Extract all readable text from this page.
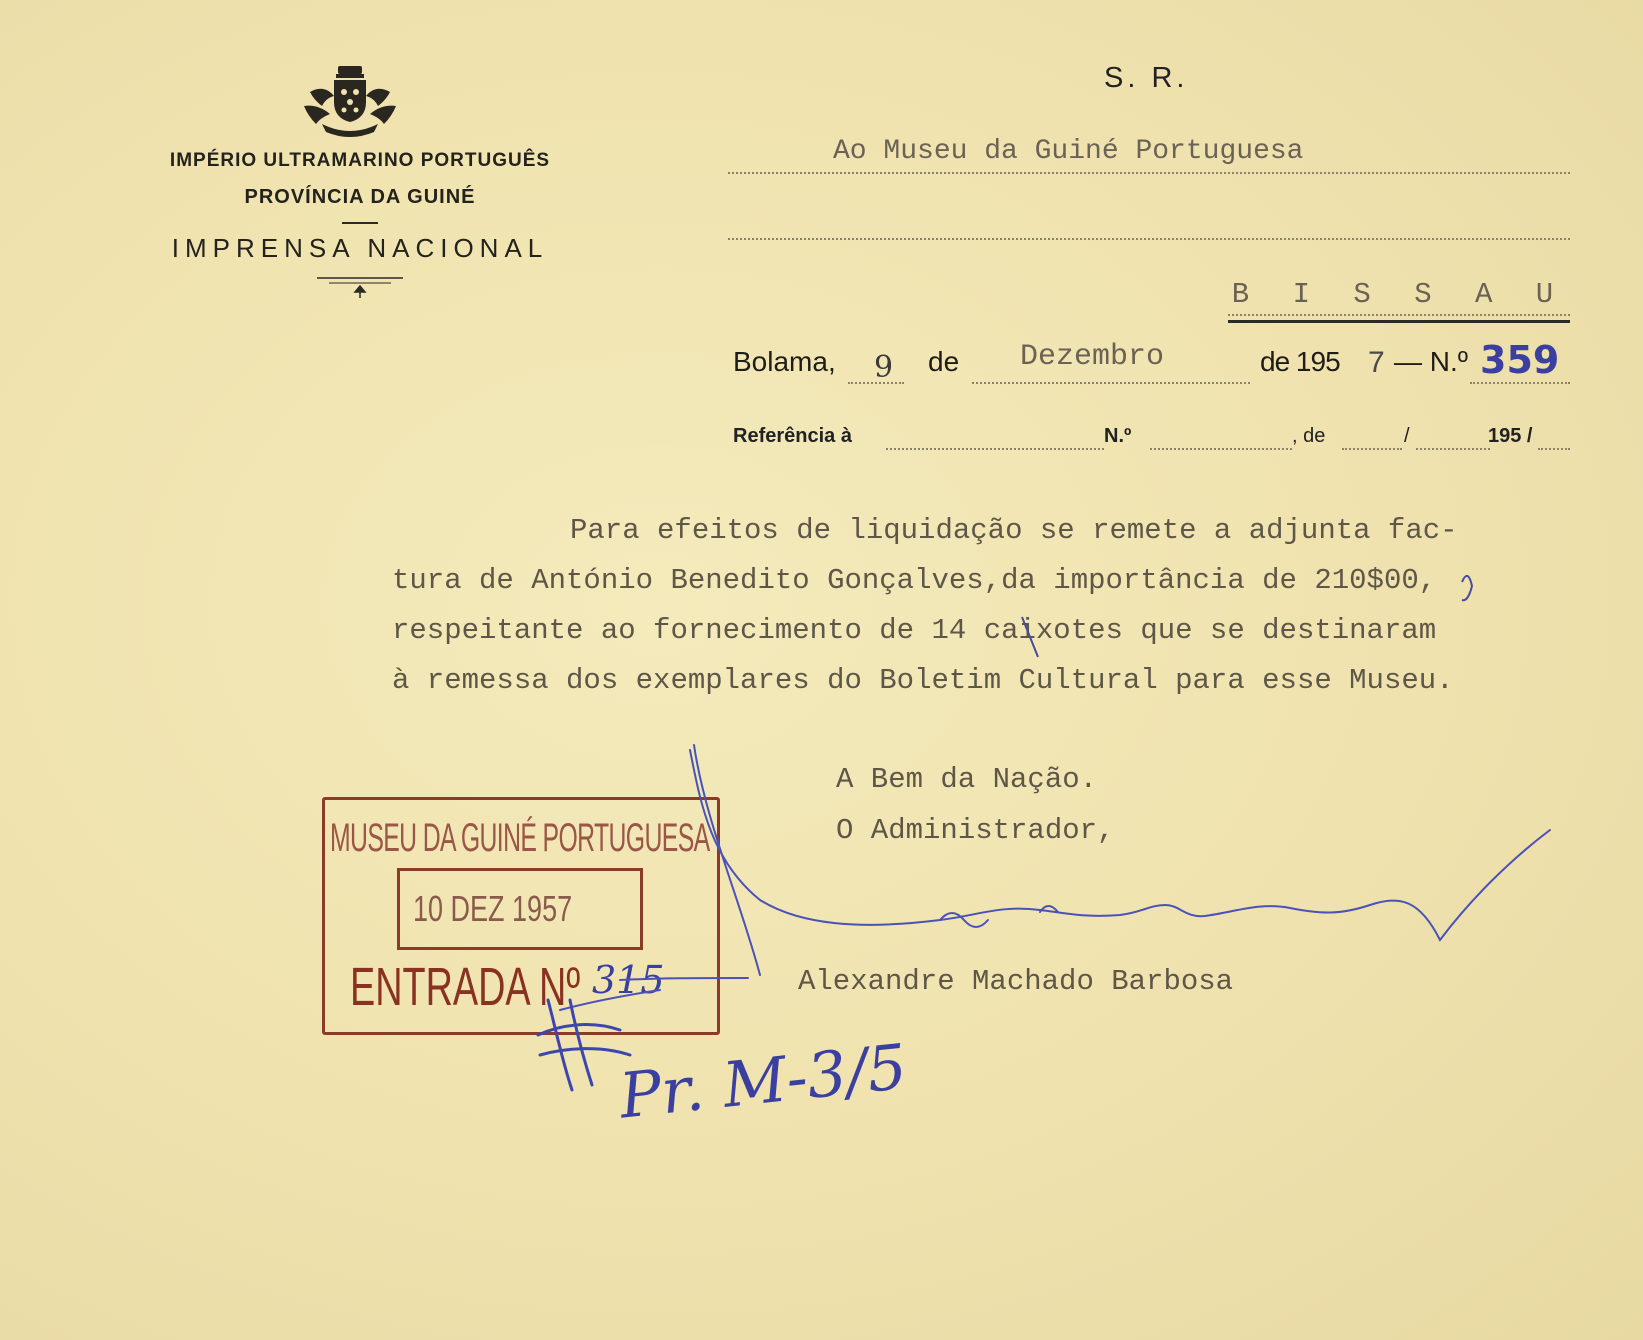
IMPÉRIO ULTRAMARINO PORTUGUÊS
PROVÍNCIA DA GUINÉ
IMPRENSA NACIONAL
S. R.
Ao Museu da Guiné Portuguesa
B I S S A U
Bolama, 9 de Dezembro	de 195 7 — N.º 359
Referência à	N.º	, de	/	195 /
Para efeitos de liquidação se remete a adjunta fac-
tura de António Benedito Gonçalves,da importância de 210$00,
respeitante ao fornecimento de 14 caixotes que se destinaram
à remessa dos exemplares do Boletim Cultural para esse Museu.
A Bem da Nação.
O Administrador,
Alexandre Machado Barbosa
MUSEU DA GUINÉ PORTUGUESA
10 DEZ 1957
ENTRADA Nº 315
Pr. M-3/5
